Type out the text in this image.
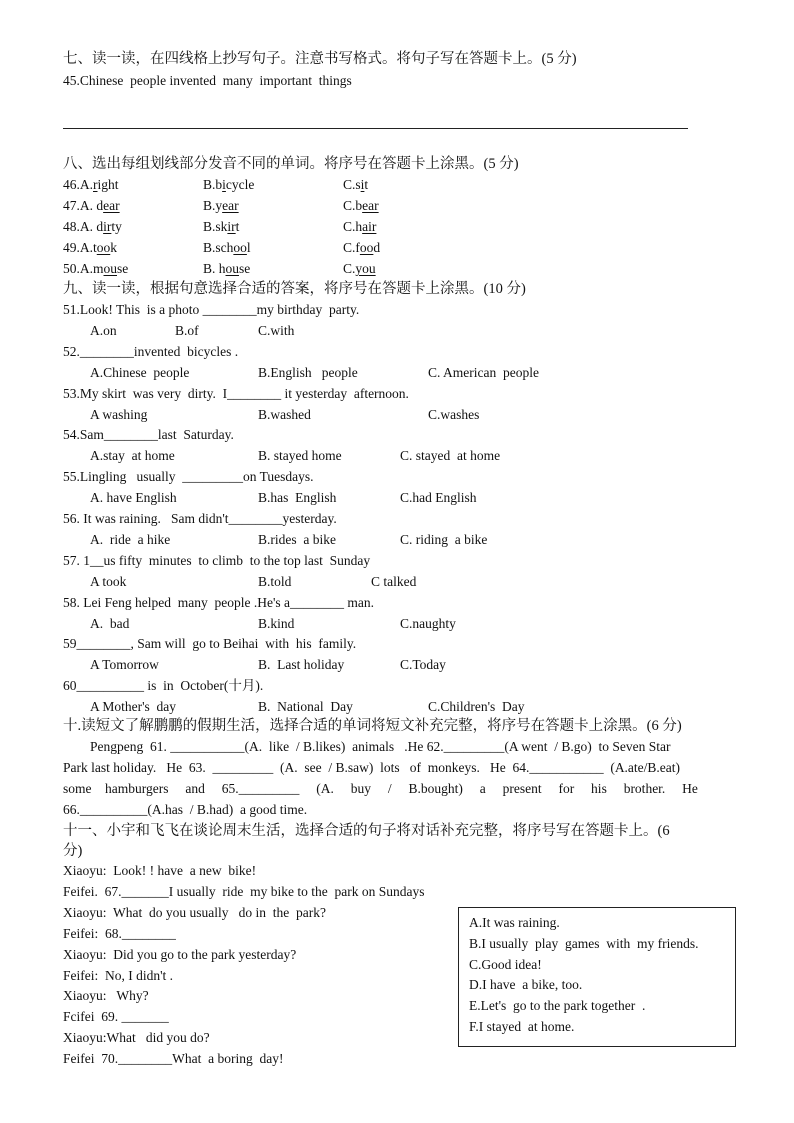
七、读一读，在四线格上抄写句子。注意书写格式。将句子写在答题卡上。(5 分)
45.Chinese  people invented  many  important  things
八、选出每组划线部分发音不同的单词。将序号在答题卡上涂黑。(5 分)
46.A.right	B.bicycle	C.sit
47.A. dear	B.year	C.bear
48.A. dirty	B.skirt	C.hair
49.A.took	B.school	C.food
50.A.mouse	B. house	C.you
九、读一读，根据句意选择合适的答案，将序号在答题卡上涂黑。(10 分)
51.Look! This  is a photo ________my birthday  party.
A.on	B.of	C.with
52.________invented  bicycles .
A.Chinese  people	B.English   people	C. American  people
53.My skirt  was very  dirty.  I________ it yesterday  afternoon.
A washing	B.washed	C.washes
54.Sam________last  Saturday.
A.stay  at home	B. stayed home	C. stayed  at home
55.Lingling   usually  _________on Tuesdays.
A. have English	B.has  English	C.had English
56. It was raining.   Sam didn't________yesterday.
A.  ride  a hike	B.rides  a bike	C. riding  a bike
57. 1__us fifty  minutes  to climb  to the top last  Sunday
A took	B.told	C talked
58. Lei Feng helped  many  people .He's a________ man.
A.  bad	B.kind	C.naughty
59________, Sam will  go to Beihai  with  his  family.
A Tomorrow	B.  Last holiday	C.Today
60__________ is  in  October(十月).
A Mother's  day	B.  National  Day	C.Children's  Day
十.读短文了解鹏鹏的假期生活，选择合适的单词将短文补充完整，将序号在答题卡上涂黑。(6 分)
Pengpeng  61. ___________(A.  like  / B.likes)  animals   .He 62._________(A went  / B.go)  to Seven Star
Park last holiday.   He  63.  _________  (A.  see  / B.saw)  lots   of  monkeys.   He  64.___________  (A.ate/B.eat)
some    hamburgers     and     65._________     (A.     buy     /     B.bought)     a     present     for     his     brother.     He
66.__________(A.has  / B.had)  a good time.
十一、小宇和飞飞在谈论周末生活，选择合适的句子将对话补充完整，将序号写在答题卡上。(6
分)
Xiaoyu:  Look! ! have  a new  bike!
Feifei.  67._______I usually  ride  my bike to the  park on Sundays
Xiaoyu:  What  do you usually   do in  the  park?
Feifei:  68.________
Xiaoyu:  Did you go to the park yesterday?
Feifei:  No, I didn't .
Xiaoyu:   Why?
Fcifei  69. _______
Xiaoyu:What   did you do?
Feifei  70.________What  a boring  day!
A.It was raining.
B.I usually  play  games  with  my friends.
C.Good idea!
D.I have  a bike, too.
E.Let's  go to the park together  .
F.I stayed  at home.
